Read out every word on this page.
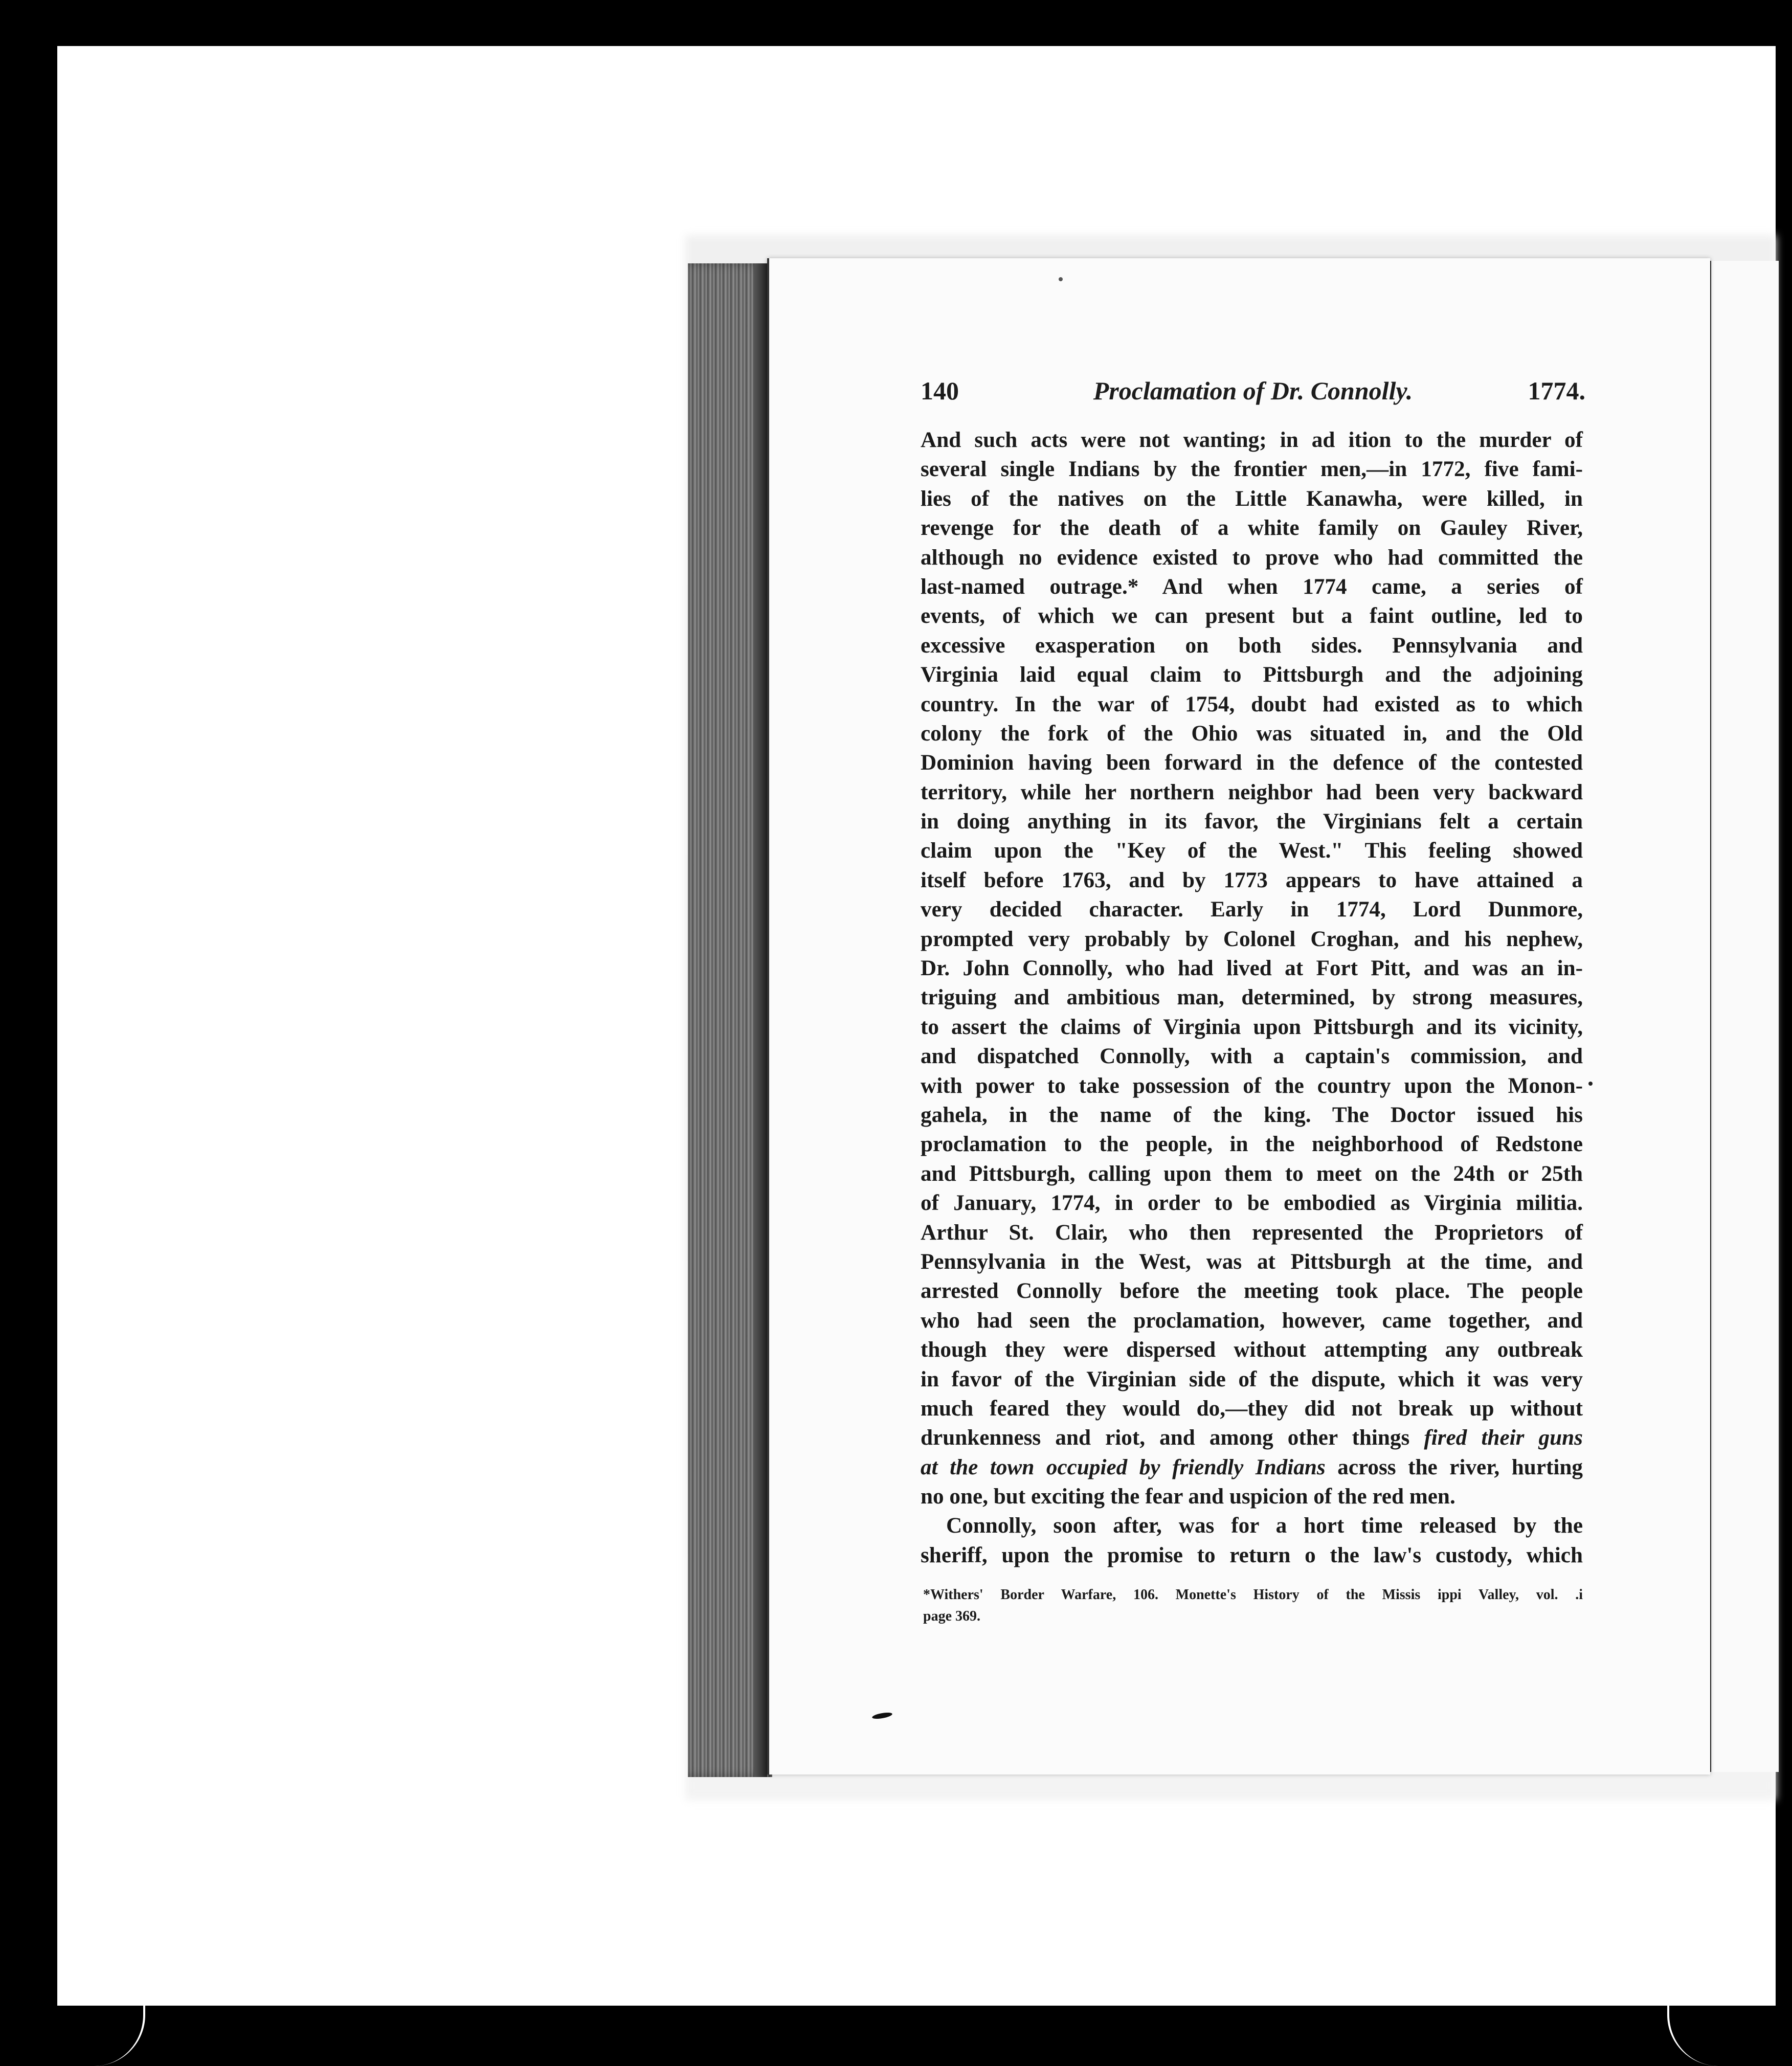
140	Proclamation of Dr. Connolly.	1774.
And such acts were not wanting; in ad ition to the murder of
several single Indians by the frontier men,—in 1772, five fami-
lies of the natives on the Little Kanawha, were killed, in
revenge for the death of a white family on Gauley River,
although no evidence existed to prove who had committed the
last-named outrage.* And when 1774 came, a series of
events, of which we can present but a faint outline, led to
excessive exasperation on both sides. Pennsylvania and
Virginia laid equal claim to Pittsburgh and the adjoining
country. In the war of 1754, doubt had existed as to which
colony the fork of the Ohio was situated in, and the Old
Dominion having been forward in the defence of the contested
territory, while her northern neighbor had been very backward
in doing anything in its favor, the Virginians felt a certain
claim upon the "Key of the West." This feeling showed
itself before 1763, and by 1773 appears to have attained a
very decided character. Early in 1774, Lord Dunmore,
prompted very probably by Colonel Croghan, and his nephew,
Dr. John Connolly, who had lived at Fort Pitt, and was an in-
triguing and ambitious man, determined, by strong measures,
to assert the claims of Virginia upon Pittsburgh and its vicinity,
and dispatched Connolly, with a captain's commission, and
with power to take possession of the country upon the Monon-
gahela, in the name of the king. The Doctor issued his
proclamation to the people, in the neighborhood of Redstone
and Pittsburgh, calling upon them to meet on the 24th or 25th
of January, 1774, in order to be embodied as Virginia militia.
Arthur St. Clair, who then represented the Proprietors of
Pennsylvania in the West, was at Pittsburgh at the time, and
arrested Connolly before the meeting took place. The people
who had seen the proclamation, however, came together, and
though they were dispersed without attempting any outbreak
in favor of the Virginian side of the dispute, which it was very
much feared they would do,—they did not break up without
drunkenness and riot, and among other things fired their guns
at the town occupied by friendly Indians across the river, hurting
no one, but exciting the fear and uspicion of the red men.
Connolly, soon after, was for a hort time released by the
sheriff, upon the promise to return o the law's custody, which
*Withers' Border Warfare, 106. Monette's History of the Missis ippi Valley, vol. .i
page 369.
